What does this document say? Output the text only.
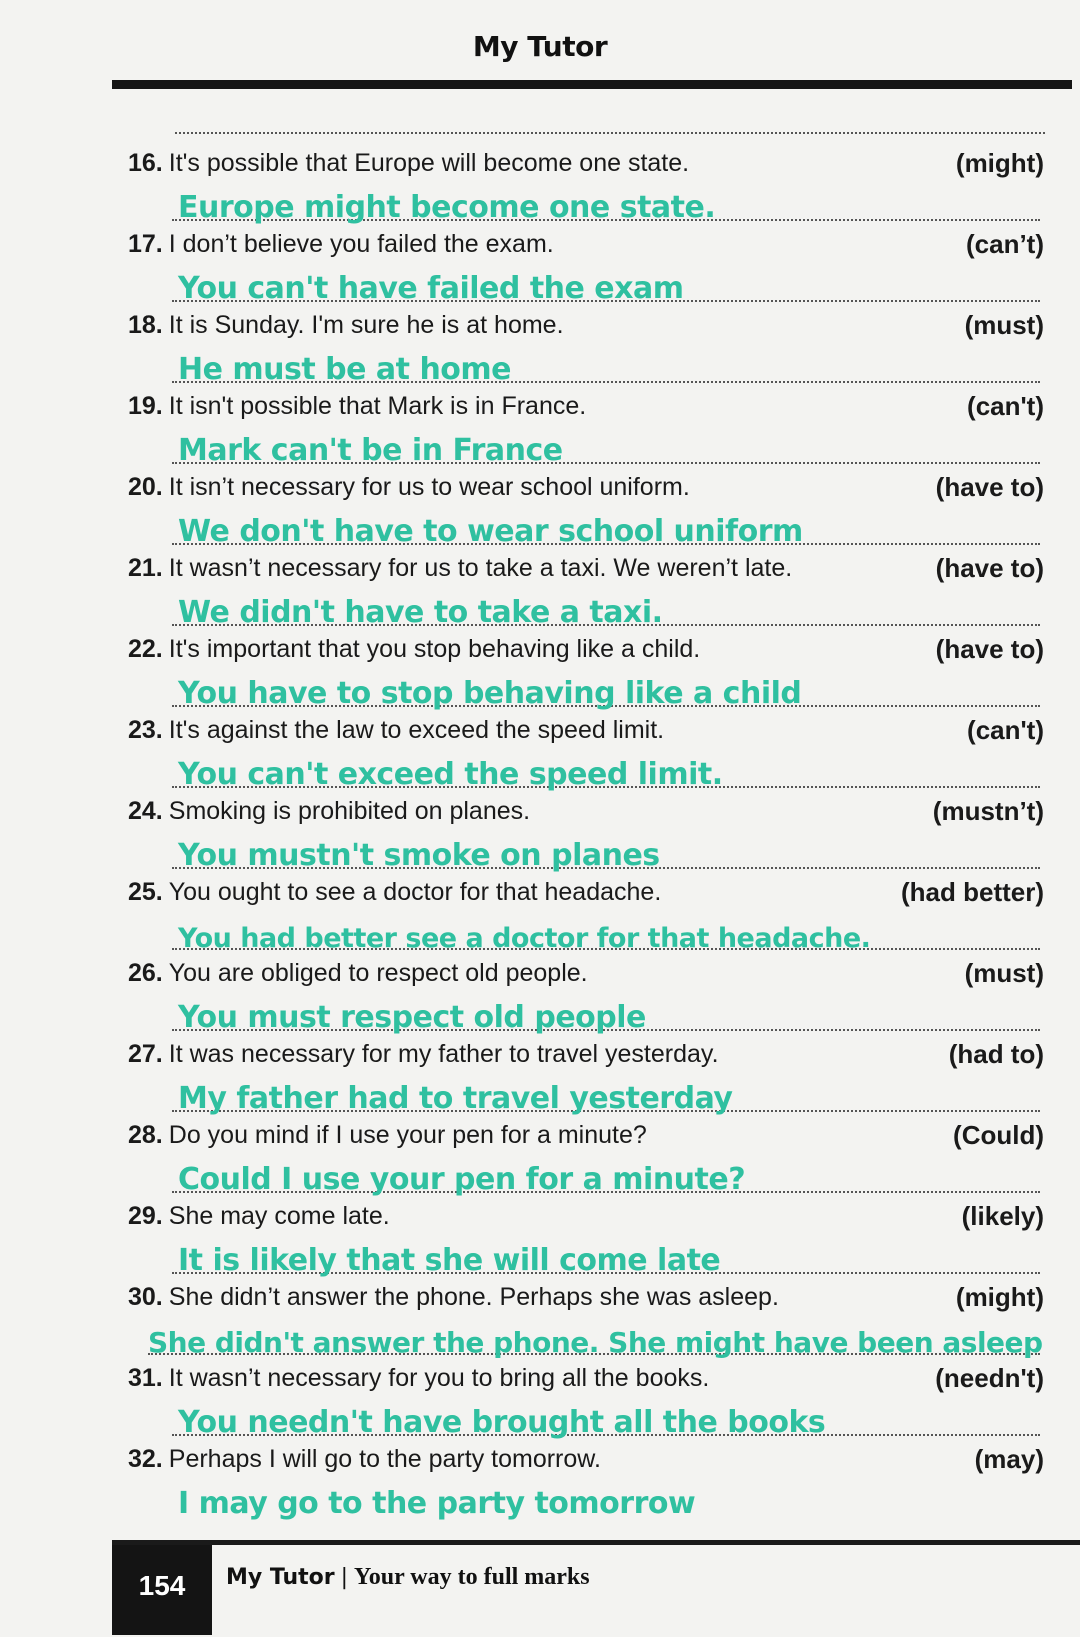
My Tutor
16. It's possible that Europe will become one state.	(might)
Europe might become one state.
17. I don’t believe you failed the exam.	(can’t)
You can't have failed the exam
18. It is Sunday. I'm sure he is at home.	(must)
He must be at home
19. It isn't possible that Mark is in France.	(can't)
Mark can't be in France
20. It isn’t necessary for us to wear school uniform.	(have to)
We don't have to wear school uniform
21. It wasn’t necessary for us to take a taxi. We weren’t late.	(have to)
We didn't have to take a taxi.
22. It's important that you stop behaving like a child.	(have to)
You have to stop behaving like a child
23. It's against the law to exceed the speed limit.	(can't)
You can't exceed the speed limit.
24. Smoking is prohibited on planes.	(mustn’t)
You mustn't smoke on planes
25. You ought to see a doctor for that headache.	(had better)
You had better see a doctor for that headache.
26. You are obliged to respect old people.	(must)
You must respect old people
27. It was necessary for my father to travel yesterday.	(had to)
My father had to travel yesterday
28. Do you mind if I use your pen for a minute?	(Could)
Could I use your pen for a minute?
29. She may come late.	(likely)
It is likely that she will come late
30. She didn’t answer the phone. Perhaps she was asleep.	(might)
She didn't answer the phone. She might have been asleep
31. It wasn’t necessary for you to bring all the books.	(needn't)
You needn't have brought all the books
32. Perhaps I will go to the party tomorrow.	(may)
I may go to the party tomorrow
154	My Tutor | Your way to full marks
